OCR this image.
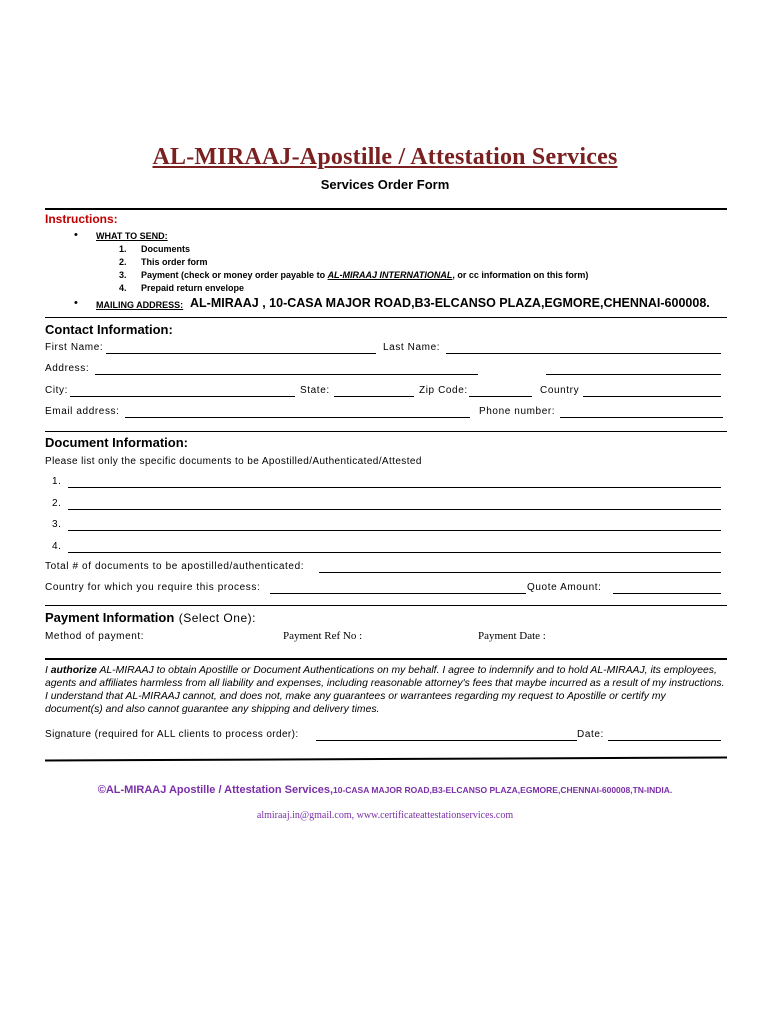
AL-MIRAAJ-Apostille / Attestation Services
Services Order Form
Instructions:
• WHAT TO SEND:
1. Documents
2. This order form
3. Payment (check or money order payable to AL-MIRAAJ INTERNATIONAL, or cc information on this form)
4. Prepaid return envelope
• MAILING ADDRESS: AL-MIRAAJ , 10-CASA MAJOR ROAD,B3-ELCANSO PLAZA,EGMORE,CHENNAI-600008.
Contact Information:
First Name:	Last Name:
Address:
City:	State:	Zip Code:	Country
Email address:	Phone number:
Document Information:
Please list only the specific documents to be Apostilled/Authenticated/Attested
1.
2.
3.
4.
Total # of documents to be apostilled/authenticated:
Country for which you require this process:	Quote Amount:
Payment Information (Select One):
Method of payment:	Payment Ref No :	Payment Date :
I authorize AL-MIRAAJ to obtain Apostille or Document Authentications on my behalf. I agree to indemnify and to hold AL-MIRAAJ, its employees, agents and affiliates harmless from all liability and expenses, including reasonable attorney's fees that maybe incurred as a result of my instructions. I understand that AL-MIRAAJ cannot, and does not, make any guarantees or warrantees regarding my request to Apostille or certify my document(s) and also cannot guarantee any shipping and delivery times.
Signature (required for ALL clients to process order):	Date:
©AL-MIRAAJ Apostille / Attestation Services,10-CASA MAJOR ROAD,B3-ELCANSO PLAZA,EGMORE,CHENNAI-600008,TN-INDIA.
almiraaj.in@gmail.com, www.certificateattestationservices.com
